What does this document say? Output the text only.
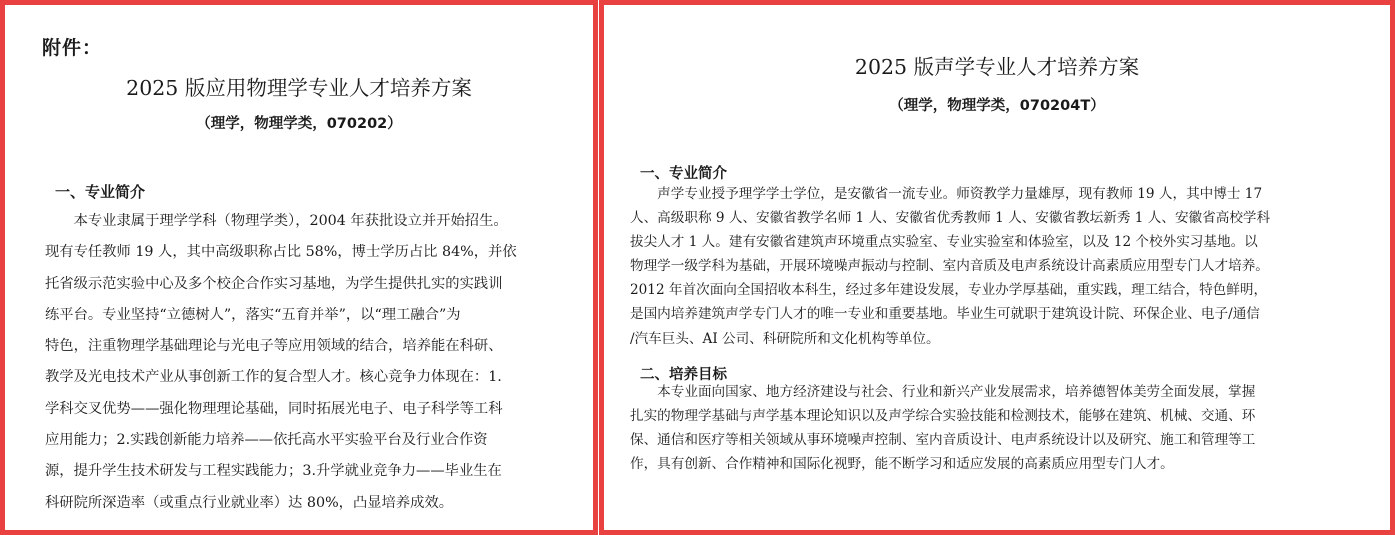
附件：
2025 版应用物理学专业人才培养方案
（理学，物理学类，070202）
一、专业简介

　　本专业隶属于理学学科（物理学类），2004 年获批设立并开始招生。
现有专任教师 19 人，其中高级职称占比 58%，博士学历占比 84%，并依
托省级示范实验中心及多个校企合作实习基地，为学生提供扎实的实践训
练平台。专业坚持“立德树人”，落实“五育并举”，以“理工融合”为
特色，注重物理学基础理论与光电子等应用领域的结合，培养能在科研、
教学及光电技术产业从事创新工作的复合型人才。核心竞争力体现在：1.
学科交叉优势——强化物理理论基础，同时拓展光电子、电子科学等工科
应用能力；2.实践创新能力培养——依托高水平实验平台及行业合作资
源，提升学生技术研发与工程实践能力；3.升学就业竞争力——毕业生在
科研院所深造率（或重点行业就业率）达 80%，凸显培养成效。

2025 版声学专业人才培养方案
（理学，物理学类，070204T）
一、专业简介

　　声学专业授予理学学士学位，是安徽省一流专业。师资教学力量雄厚，现有教师 19 人，其中博士 17
人、高级职称 9 人、安徽省教学名师 1 人、安徽省优秀教师 1 人、安徽省教坛新秀 1 人、安徽省高校学科
拔尖人才 1 人。建有安徽省建筑声环境重点实验室、专业实验室和体验室，以及 12 个校外实习基地。以
物理学一级学科为基础，开展环境噪声振动与控制、室内音质及电声系统设计高素质应用型专门人才培养。
2012 年首次面向全国招收本科生，经过多年建设发展，专业办学厚基础，重实践，理工结合，特色鲜明，
是国内培养建筑声学专门人才的唯一专业和重要基地。毕业生可就职于建筑设计院、环保企业、电子/通信
/汽车巨头、AI 公司、科研院所和文化机构等单位。

二、培养目标

　　本专业面向国家、地方经济建设与社会、行业和新兴产业发展需求，培养德智体美劳全面发展，掌握
扎实的物理学基础与声学基本理论知识以及声学综合实验技能和检测技术，能够在建筑、机械、交通、环
保、通信和医疗等相关领域从事环境噪声控制、室内音质设计、电声系统设计以及研究、施工和管理等工
作，具有创新、合作精神和国际化视野，能不断学习和适应发展的高素质应用型专门人才。
